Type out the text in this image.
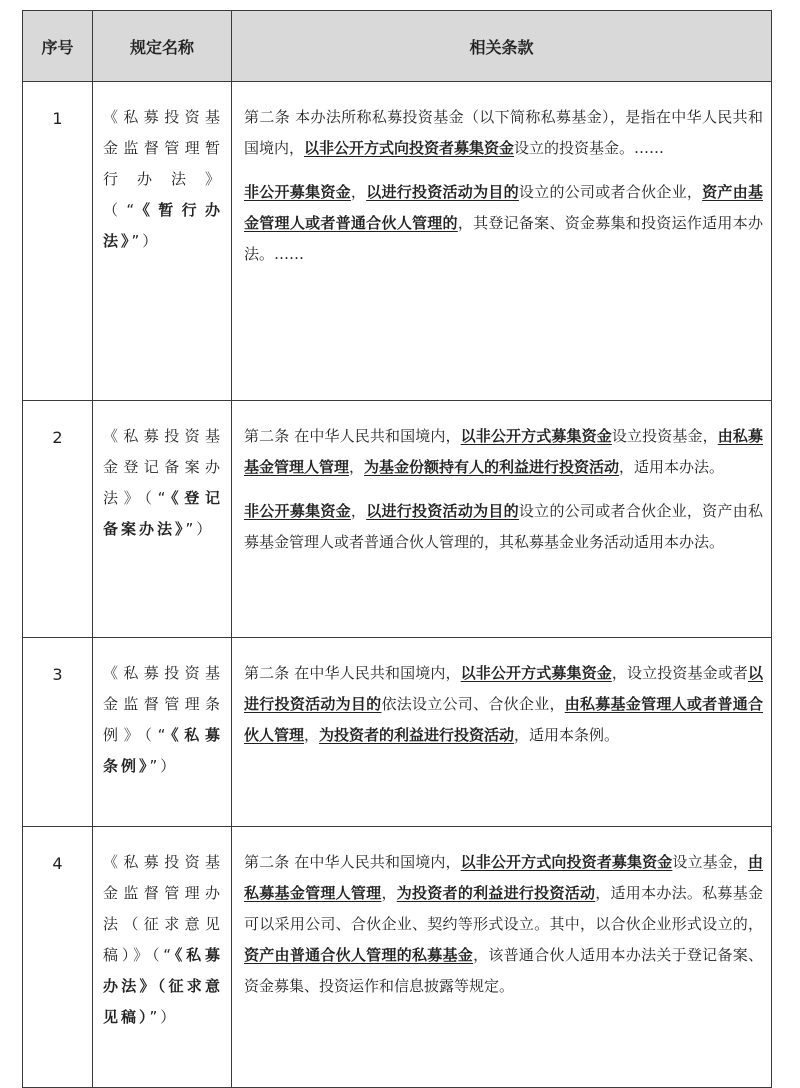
序号	规定名称	相关条款
1	《私募投资基金监督管理暂行办法》（“《暂行办法》”）	第二条 本办法所称私募投资基金（以下简称私募基金），是指在中华人民共和国境内，以非公开方式向投资者募集资金设立的投资基金。……

非公开募集资金，以进行投资活动为目的设立的公司或者合伙企业，资产由基金管理人或者普通合伙人管理的，其登记备案、资金募集和投资运作适用本办法。……

2	《私募投资基金登记备案办法》（“《登记备案办法》”）	第二条 在中华人民共和国境内，以非公开方式募集资金设立投资基金，由私募基金管理人管理，为基金份额持有人的利益进行投资活动，适用本办法。

非公开募集资金，以进行投资活动为目的设立的公司或者合伙企业，资产由私募基金管理人或者普通合伙人管理的，其私募基金业务活动适用本办法。

3	《私募投资基金监督管理条例》（“《私募条例》”）	第二条 在中华人民共和国境内，以非公开方式募集资金，设立投资基金或者以进行投资活动为目的依法设立公司、合伙企业，由私募基金管理人或者普通合伙人管理，为投资者的利益进行投资活动，适用本条例。

4	《私募投资基金监督管理办法（征求意见稿）》（“《私募办法》（征求意见稿）”）	第二条 在中华人民共和国境内，以非公开方式向投资者募集资金设立基金，由私募基金管理人管理，为投资者的利益进行投资活动，适用本办法。私募基金可以采用公司、合伙企业、契约等形式设立。其中，以合伙企业形式设立的，资产由普通合伙人管理的私募基金，该普通合伙人适用本办法关于登记备案、资金募集、投资运作和信息披露等规定。
